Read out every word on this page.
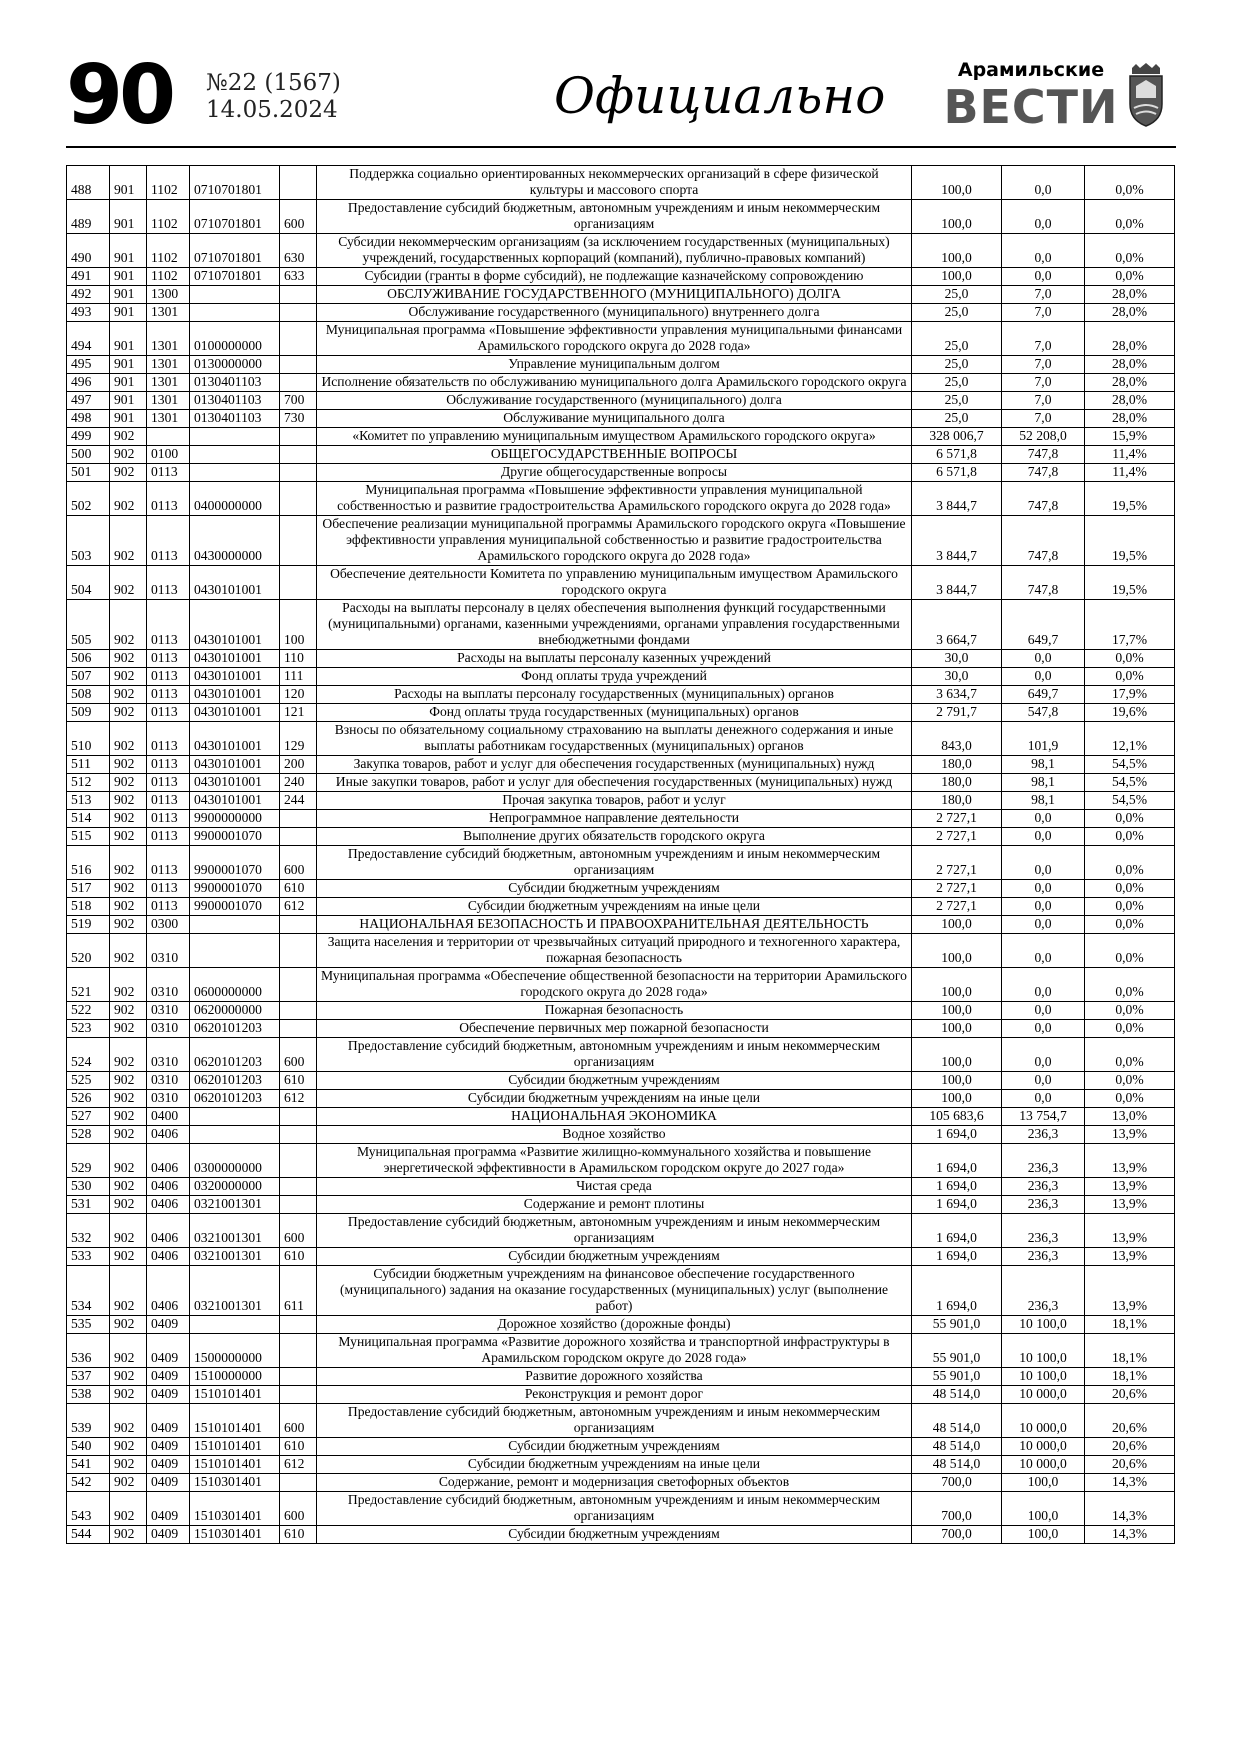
90 №22 (1567)
14.05.2024	Официально	Арамильские
ВЕСТИ
488	901	1102	0710701801		Поддержка социально ориентированных некоммерческих организаций в сфере физической культуры и массового спорта	100,0	0,0	0,0%
489	901	1102	0710701801	600	Предоставление субсидий бюджетным, автономным учреждениям и иным некоммерческим организациям	100,0	0,0	0,0%
490	901	1102	0710701801	630	Субсидии некоммерческим организациям (за исключением государственных (муниципальных) учреждений, государственных корпораций (компаний), публично-правовых компаний)	100,0	0,0	0,0%
491	901	1102	0710701801	633	Субсидии (гранты в форме субсидий), не подлежащие казначейскому сопровождению	100,0	0,0	0,0%
492	901	1300			ОБСЛУЖИВАНИЕ ГОСУДАРСТВЕННОГО (МУНИЦИПАЛЬНОГО) ДОЛГА	25,0	7,0	28,0%
493	901	1301			Обслуживание государственного (муниципального) внутреннего долга	25,0	7,0	28,0%
494	901	1301	0100000000		Муниципальная программа «Повышение эффективности управления муниципальными финансами Арамильского городского округа до 2028 года»	25,0	7,0	28,0%
495	901	1301	0130000000		Управление муниципальным долгом	25,0	7,0	28,0%
496	901	1301	0130401103		Исполнение обязательств по обслуживанию муниципального долга Арамильского городского округа	25,0	7,0	28,0%
497	901	1301	0130401103	700	Обслуживание государственного (муниципального) долга	25,0	7,0	28,0%
498	901	1301	0130401103	730	Обслуживание муниципального долга	25,0	7,0	28,0%
499	902				«Комитет по управлению муниципальным имуществом Арамильского городского округа»	328 006,7	52 208,0	15,9%
500	902	0100			ОБЩЕГОСУДАРСТВЕННЫЕ ВОПРОСЫ	6 571,8	747,8	11,4%
501	902	0113			Другие общегосударственные вопросы	6 571,8	747,8	11,4%
502	902	0113	0400000000		Муниципальная программа «Повышение эффективности управления муниципальной собственностью и развитие градостроительства Арамильского городского округа до 2028 года»	3 844,7	747,8	19,5%
503	902	0113	0430000000		Обеспечение реализации муниципальной программы Арамильского городского округа «Повышение эффективности управления муниципальной собственностью и развитие градостроительства Арамильского городского округа до 2028 года»	3 844,7	747,8	19,5%
504	902	0113	0430101001		Обеспечение деятельности Комитета по управлению муниципальным имуществом Арамильского городского округа	3 844,7	747,8	19,5%
505	902	0113	0430101001	100	Расходы на выплаты персоналу в целях обеспечения выполнения функций государственными (муниципальными) органами, казенными учреждениями, органами управления государственными внебюджетными фондами	3 664,7	649,7	17,7%
506	902	0113	0430101001	110	Расходы на выплаты персоналу казенных учреждений	30,0	0,0	0,0%
507	902	0113	0430101001	111	Фонд оплаты труда учреждений	30,0	0,0	0,0%
508	902	0113	0430101001	120	Расходы на выплаты персоналу государственных (муниципальных) органов	3 634,7	649,7	17,9%
509	902	0113	0430101001	121	Фонд оплаты труда государственных (муниципальных) органов	2 791,7	547,8	19,6%
510	902	0113	0430101001	129	Взносы по обязательному социальному страхованию на выплаты денежного содержания и иные выплаты работникам государственных (муниципальных) органов	843,0	101,9	12,1%
511	902	0113	0430101001	200	Закупка товаров, работ и услуг для обеспечения государственных (муниципальных) нужд	180,0	98,1	54,5%
512	902	0113	0430101001	240	Иные закупки товаров, работ и услуг для обеспечения государственных (муниципальных) нужд	180,0	98,1	54,5%
513	902	0113	0430101001	244	Прочая закупка товаров, работ и услуг	180,0	98,1	54,5%
514	902	0113	9900000000		Непрограммное направление деятельности	2 727,1	0,0	0,0%
515	902	0113	9900001070		Выполнение других обязательств городского округа	2 727,1	0,0	0,0%
516	902	0113	9900001070	600	Предоставление субсидий бюджетным, автономным учреждениям и иным некоммерческим организациям	2 727,1	0,0	0,0%
517	902	0113	9900001070	610	Субсидии бюджетным учреждениям	2 727,1	0,0	0,0%
518	902	0113	9900001070	612	Субсидии бюджетным учреждениям на иные цели	2 727,1	0,0	0,0%
519	902	0300			НАЦИОНАЛЬНАЯ БЕЗОПАСНОСТЬ И ПРАВООХРАНИТЕЛЬНАЯ ДЕЯТЕЛЬНОСТЬ	100,0	0,0	0,0%
520	902	0310			Защита населения и территории от чрезвычайных ситуаций природного и техногенного характера, пожарная безопасность	100,0	0,0	0,0%
521	902	0310	0600000000		Муниципальная программа «Обеспечение общественной безопасности на территории Арамильского городского округа до 2028 года»	100,0	0,0	0,0%
522	902	0310	0620000000		Пожарная безопасность	100,0	0,0	0,0%
523	902	0310	0620101203		Обеспечение первичных мер пожарной безопасности	100,0	0,0	0,0%
524	902	0310	0620101203	600	Предоставление субсидий бюджетным, автономным учреждениям и иным некоммерческим организациям	100,0	0,0	0,0%
525	902	0310	0620101203	610	Субсидии бюджетным учреждениям	100,0	0,0	0,0%
526	902	0310	0620101203	612	Субсидии бюджетным учреждениям на иные цели	100,0	0,0	0,0%
527	902	0400			НАЦИОНАЛЬНАЯ ЭКОНОМИКА	105 683,6	13 754,7	13,0%
528	902	0406			Водное хозяйство	1 694,0	236,3	13,9%
529	902	0406	0300000000		Муниципальная программа «Развитие жилищно-коммунального хозяйства и повышение энергетической эффективности в Арамильском городском округе до 2027 года»	1 694,0	236,3	13,9%
530	902	0406	0320000000		Чистая среда	1 694,0	236,3	13,9%
531	902	0406	0321001301		Содержание и ремонт плотины	1 694,0	236,3	13,9%
532	902	0406	0321001301	600	Предоставление субсидий бюджетным, автономным учреждениям и иным некоммерческим организациям	1 694,0	236,3	13,9%
533	902	0406	0321001301	610	Субсидии бюджетным учреждениям	1 694,0	236,3	13,9%
534	902	0406	0321001301	611	Субсидии бюджетным учреждениям на финансовое обеспечение государственного (муниципального) задания на оказание государственных (муниципальных) услуг (выполнение работ)	1 694,0	236,3	13,9%
535	902	0409			Дорожное хозяйство (дорожные фонды)	55 901,0	10 100,0	18,1%
536	902	0409	1500000000		Муниципальная программа «Развитие дорожного хозяйства и транспортной инфраструктуры в Арамильском городском округе до 2028 года»	55 901,0	10 100,0	18,1%
537	902	0409	1510000000		Развитие дорожного хозяйства	55 901,0	10 100,0	18,1%
538	902	0409	1510101401		Реконструкция и ремонт дорог	48 514,0	10 000,0	20,6%
539	902	0409	1510101401	600	Предоставление субсидий бюджетным, автономным учреждениям и иным некоммерческим организациям	48 514,0	10 000,0	20,6%
540	902	0409	1510101401	610	Субсидии бюджетным учреждениям	48 514,0	10 000,0	20,6%
541	902	0409	1510101401	612	Субсидии бюджетным учреждениям на иные цели	48 514,0	10 000,0	20,6%
542	902	0409	1510301401		Содержание, ремонт и модернизация светофорных объектов	700,0	100,0	14,3%
543	902	0409	1510301401	600	Предоставление субсидий бюджетным, автономным учреждениям и иным некоммерческим организациям	700,0	100,0	14,3%
544	902	0409	1510301401	610	Субсидии бюджетным учреждениям	700,0	100,0	14,3%
